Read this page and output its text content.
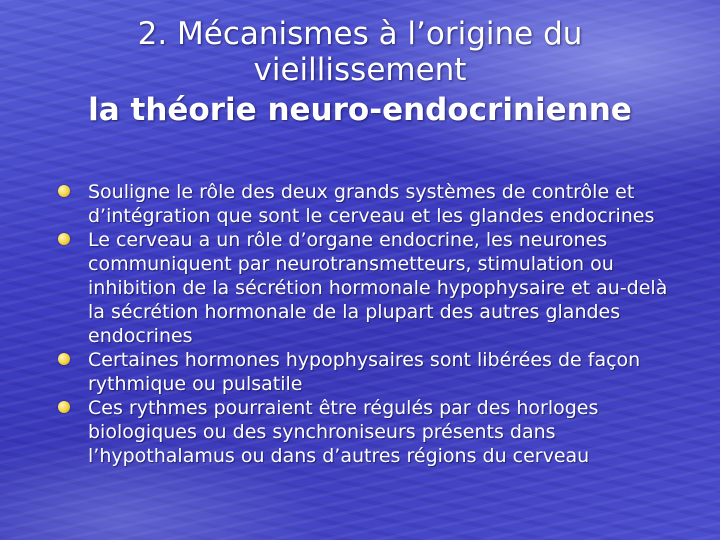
2. Mécanismes à l’origine du
vieillissement
la théorie neuro-endocrinienne
Souligne le rôle des deux grands systèmes de contrôle et d’intégration que sont le cerveau et les glandes endocrines
Le cerveau a un rôle d’organe endocrine, les neurones communiquent par neurotransmetteurs, stimulation ou inhibition de la sécrétion hormonale hypophysaire et au-delà la sécrétion hormonale de la plupart des autres glandes endocrines
Certaines hormones hypophysaires sont libérées de façon rythmique ou pulsatile
Ces rythmes pourraient être régulés par des horloges biologiques ou des synchroniseurs présents dans l’hypothalamus ou dans d’autres régions du cerveau
